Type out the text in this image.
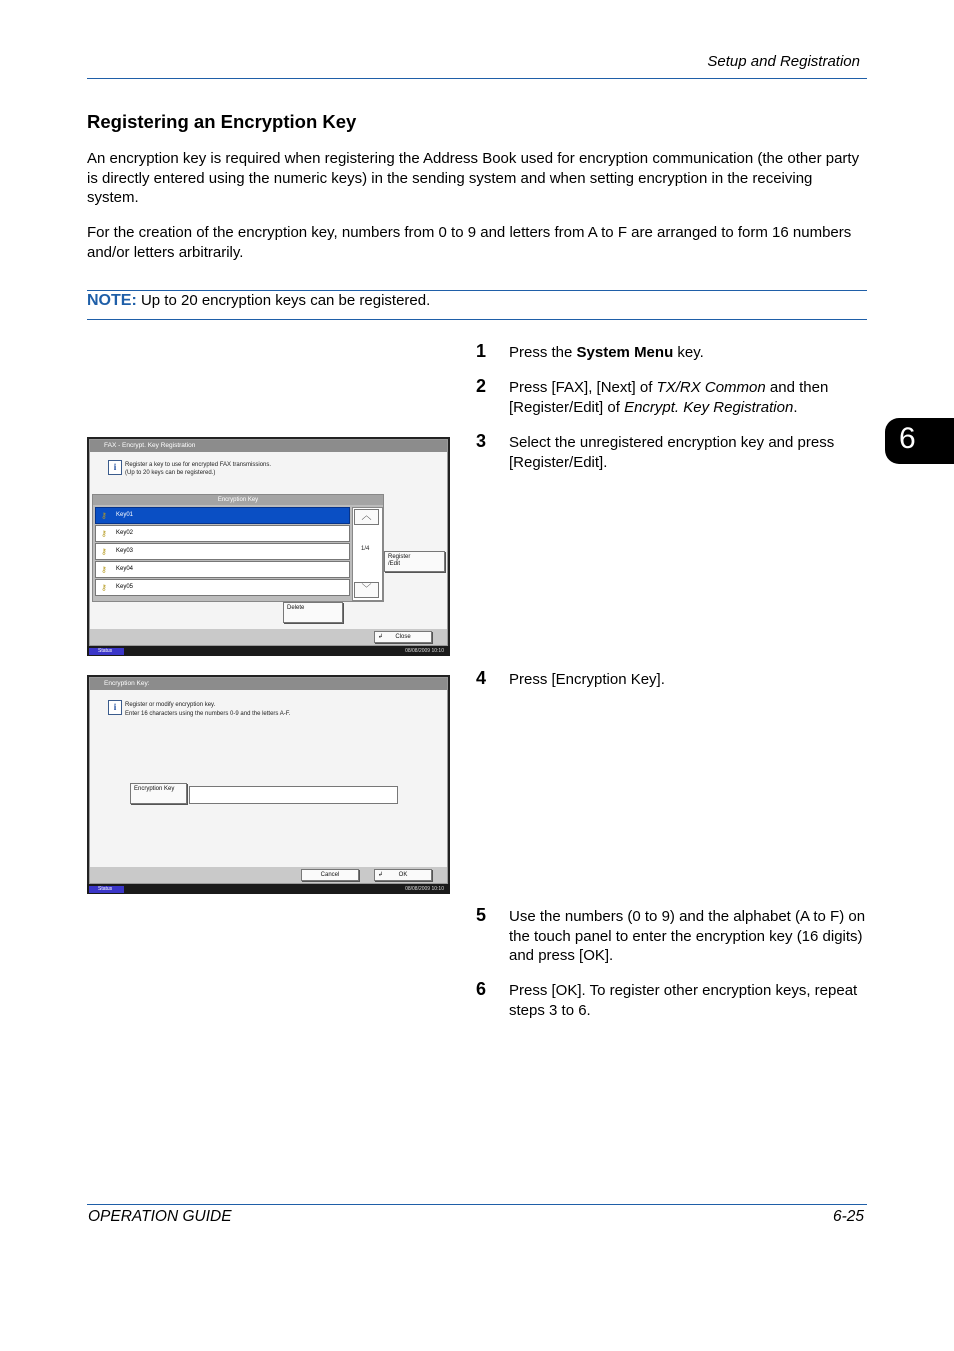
Setup and Registration
Registering an Encryption Key
An encryption key is required when registering the Address Book used for encryption communication (the other party is directly entered using the numeric keys) in the sending system and when setting encryption in the receiving system.
For the creation of the encryption key, numbers from 0 to 9 and letters from A to F are arranged to form 16 numbers and/or letters arbitrarily.
NOTE: Up to 20 encryption keys can be registered.
6
1 Press the System Menu key.
2 Press [FAX], [Next] of TX/RX Common and then [Register/Edit] of Encrypt. Key Registration.
3 Select the unregistered encryption key and press [Register/Edit].
4 Press [Encryption Key].
5 Use the numbers (0 to 9) and the alphabet (A to F) on the touch panel to enter the encryption key (16 digits) and press [OK].
6 Press [OK]. To register other encryption keys, repeat steps 3 to 6.
FAX - Encrypt. Key Registration
i	Register a key to use for encrypted FAX transmissions.
(Up to 20 keys can be registered.)
Encryption Key
⚷ Key01
⚷ Key02
⚷ Key03
⚷ Key04
⚷ Key05
︿
1/4
﹀
Register
/Edit
Delete
↲ Close
Status	08/08/2009 10:10
Encryption Key:
i	Register or modify encryption key.
Enter 16 characters using the numbers 0-9 and the letters A-F.
Encryption Key
Cancel	↲	OK
Status	08/08/2009 10:10
OPERATION GUIDE	6-25
